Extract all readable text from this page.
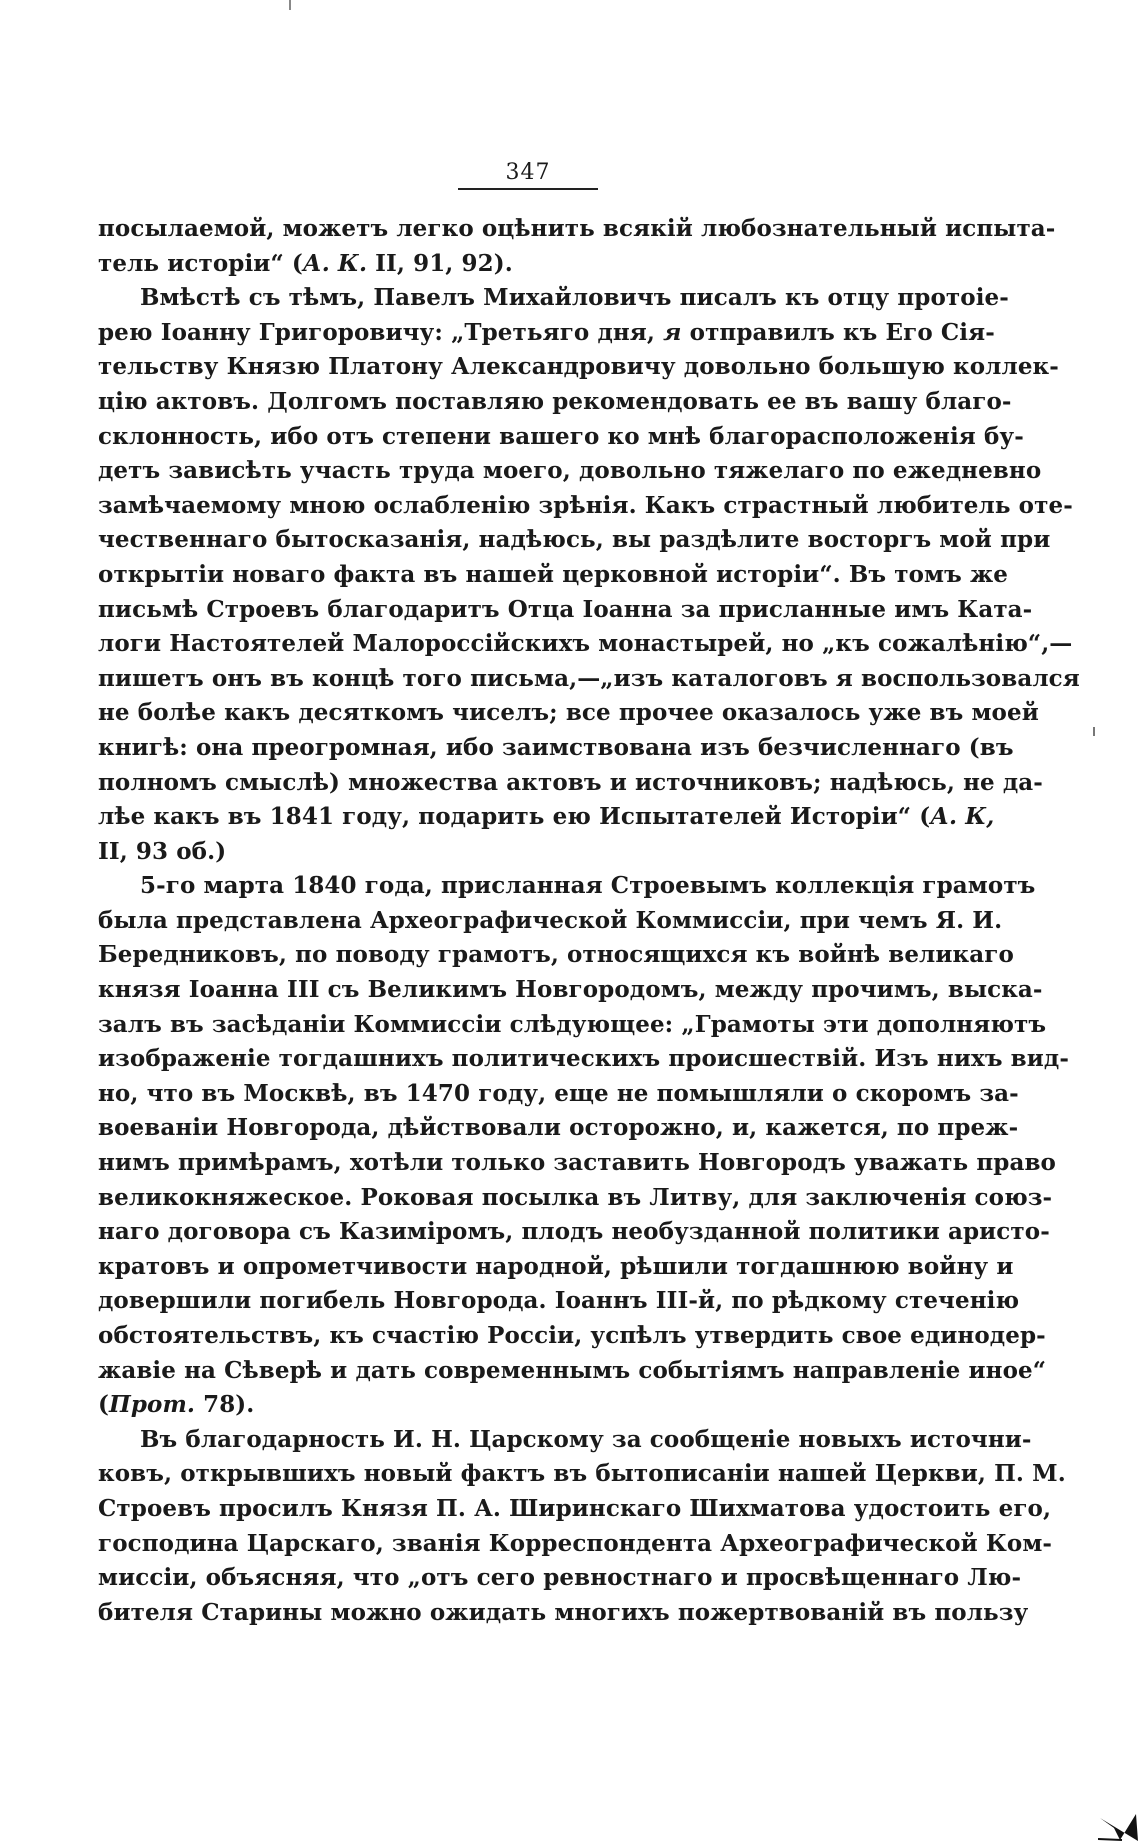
347
посылаемой, можетъ легко оцѣнить всякій любознательный испыта-
тель исторіи“ (А. К. II, 91, 92).
Вмѣстѣ съ тѣмъ, Павелъ Михайловичъ писалъ къ отцу протоіе-
рею Іоанну Григоровичу: „Третьяго дня, я отправилъ къ Его Сія-
тельству Князю Платону Александровичу довольно большую коллек-
цію актовъ. Долгомъ поставляю рекомендовать ее въ вашу благо-
склонность, ибо отъ степени вашего ко мнѣ благорасположенія бу-
детъ зависѣть участь труда моего, довольно тяжелаго по ежедневно
замѣчаемому мною ослабленію зрѣнія. Какъ страстный любитель оте-
чественнаго бытосказанія, надѣюсь, вы раздѣлите восторгъ мой при
открытіи новаго факта въ нашей церковной исторіи“. Въ томъ же
письмѣ Строевъ благодаритъ Отца Іоанна за присланные имъ Ката-
логи Настоятелей Малороссійскихъ монастырей, но „къ сожалѣнію“,—
пишетъ онъ въ концѣ того письма,—„изъ каталоговъ я воспользовался
не болѣе какъ десяткомъ чиселъ; все прочее оказалось уже въ моей
книгѣ: она преогромная, ибо заимствована изъ безчисленнаго (въ
полномъ смыслѣ) множества актовъ и источниковъ; надѣюсь, не да-
лѣе какъ въ 1841 году, подарить ею Испытателей Исторіи“ (А. К,
II, 93 об.)
5-го марта 1840 года, присланная Строевымъ коллекція грамотъ
была представлена Археографической Коммиссіи, при чемъ Я. И.
Бередниковъ, по поводу грамотъ, относящихся къ войнѣ великаго
князя Іоанна III съ Великимъ Новгородомъ, между прочимъ, выска-
залъ въ засѣданіи Коммиссіи слѣдующее: „Грамоты эти дополняютъ
изображеніе тогдашнихъ политическихъ происшествій. Изъ нихъ вид-
но, что въ Москвѣ, въ 1470 году, еще не помышляли о скоромъ за-
воеваніи Новгорода, дѣйствовали осторожно, и, кажется, по преж-
нимъ примѣрамъ, хотѣли только заставить Новгородъ уважать право
великокняжеское. Роковая посылка въ Литву, для заключенія союз-
наго договора съ Казиміромъ, плодъ необузданной политики аристо-
кратовъ и опрометчивости народной, рѣшили тогдашнюю войну и
довершили погибель Новгорода. Іоаннъ III-й, по рѣдкому стеченію
обстоятельствъ, къ счастію Россіи, успѣлъ утвердить свое единодер-
жавіе на Сѣверѣ и дать современнымъ событіямъ направленіе иное“
(Прот. 78).
Въ благодарность И. Н. Царскому за сообщеніе новыхъ источни-
ковъ, открывшихъ новый фактъ въ бытописаніи нашей Церкви, П. М.
Строевъ просилъ Князя П. А. Ширинскаго Шихматова удостоить его,
господина Царскаго, званія Корреспондента Археографической Ком-
миссіи, объясняя, что „отъ сего ревностнаго и просвѣщеннаго Лю-
бителя Старины можно ожидать многихъ пожертвованій въ пользу
